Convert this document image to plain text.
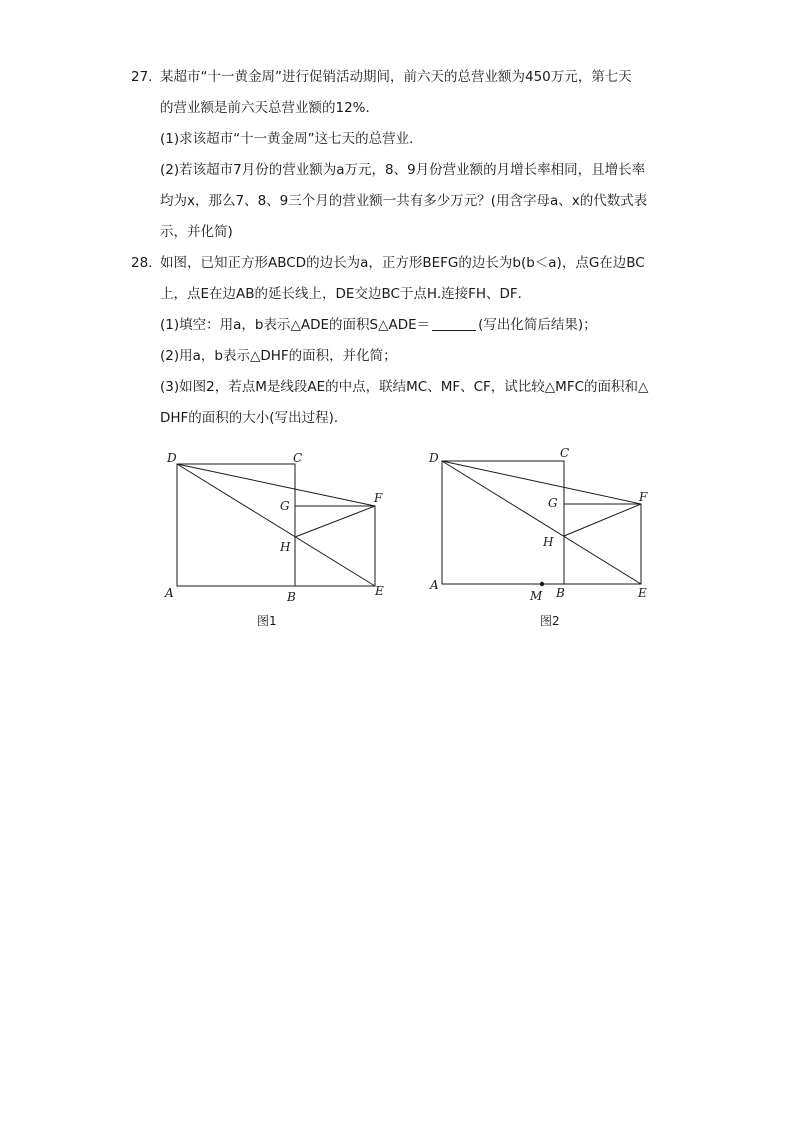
27. 某超市“十一黄金周”进行促销活动期间，前六天的总营业额为450万元，第七天
的营业额是前六天总营业额的12%．
(1)求该超市“十一黄金周”这七天的总营业．
(2)若该超市7月份的营业额为a万元，8、9月份营业额的月增长率相同，且增长率
均为x，那么7、8、9三个月的营业额一共有多少万元？(用含字母a、x的代数式表
示，并化简)
28. 如图，已知正方形ABCD的边长为a，正方形BEFG的边长为b(b＜a)，点G在边BC
上，点E在边AB的延长线上，DE交边BC于点H.连接FH、DF．
(1)填空：用a，b表示△ADE的面积S△ADE＝	(写出化简后结果)；
(2)用a，b表示△DHF的面积，并化简；
(3)如图2，若点M是线段AE的中点，联结MC、MF、CF，试比较△MFC的面积和△
DHF的面积的大小(写出过程)．
D	C
G
F
H
A	B	E
图1
D	C
G	F
H
A
M B	E
图2
